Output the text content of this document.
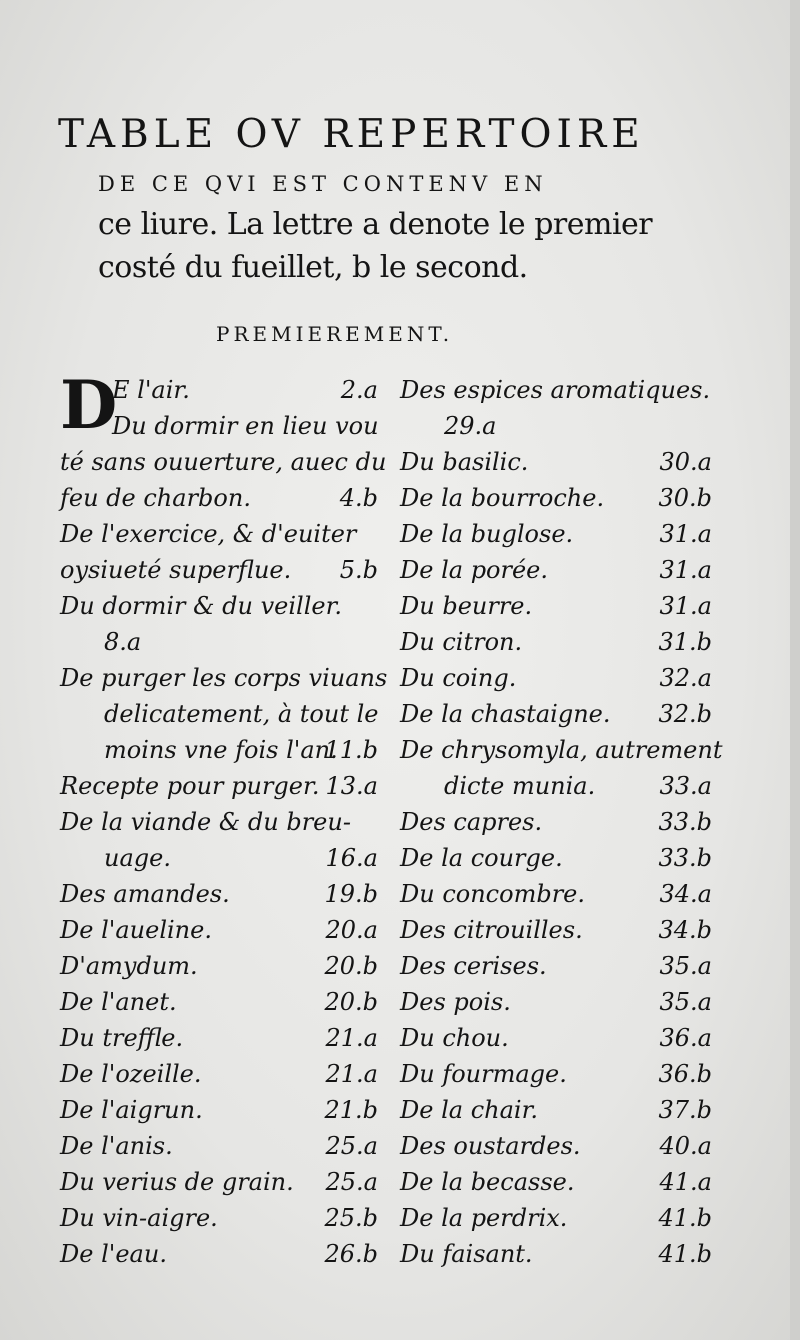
TABLE OV REPERTOIRE
DE CE QVI EST CONTENV EN
ce liure. La lettre a denote le premier
costé du fueillet, b le second.
PREMIEREMENT.
D
E l'air.	2.a
Du dormir en lieu vou
té sans ouuerture, auec du
feu de charbon.	4.b
De l'exercice, & d'euiter
oysiueté superflue. 5.b
Du dormir & du veiller.
8.a
De purger les corps viuans
delicatement, à tout le
moins vne fois l'an.
11.b
Recepte pour purger. 13.a
De la viande & du breu-
uage.	16.a
Des amandes.	19.b
De l'aueline.	20.a
D'amydum.	20.b
De l'anet.	20.b
Du treffle.	21.a
De l'ozeille.	21.a
De l'aigrun.	21.b
De l'anis.	25.a
Du verius de grain. 25.a
Du vin-aigre.	25.b
De l'eau.	26.b
Des espices aromatiques.
29.a
Du basilic.	30.a
De la bourroche. 30.b
De la buglose.	31.a
De la porée.	31.a
Du beurre.	31.a
Du citron.	31.b
Du coing.	32.a
De la chastaigne. 32.b
De chrysomyla, autrement
dicte munia.	33.a
Des capres.	33.b
De la courge.	33.b
Du concombre.	34.a
Des citrouilles.	34.b
Des cerises.	35.a
Des pois.	35.a
Du chou.	36.a
Du fourmage.	36.b
De la chair.	37.b
Des oustardes.	40.a
De la becasse.	41.a
De la perdrix.	41.b
Du faisant.	41.b
